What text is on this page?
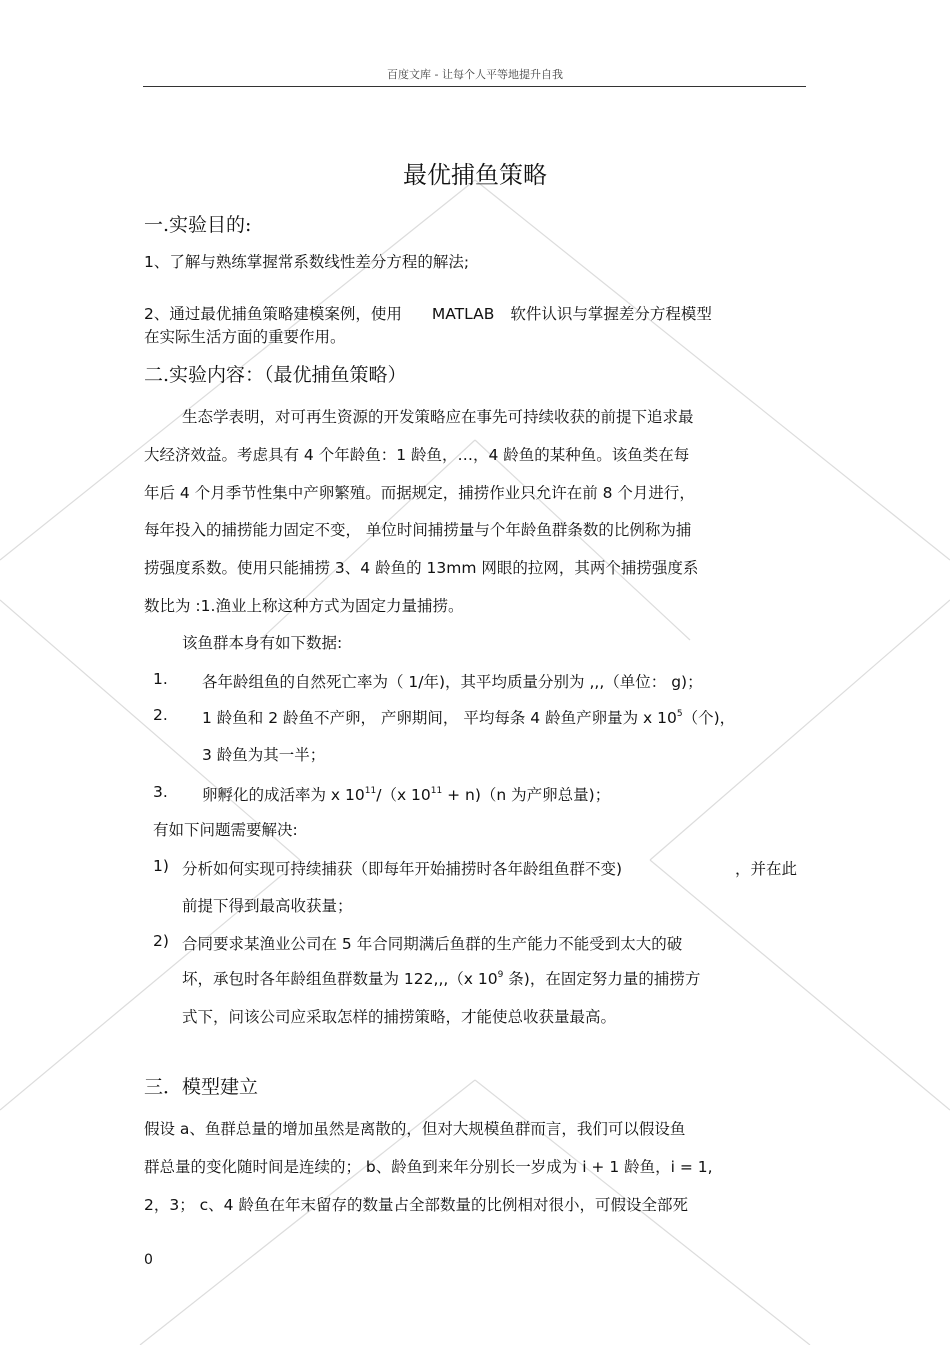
百度文库 - 让每个人平等地提升自我
最优捕鱼策略
一.实验目的:
1、了解与熟练掌握常系数线性差分方程的解法;
2、通过最优捕鱼策略建模案例，使用 MATLAB 软件认识与掌握差分方程模型
在实际生活方面的重要作用。
二.实验内容：（最优捕鱼策略）
生态学表明，对可再生资源的开发策略应在事先可持续收获的前提下追求最
大经济效益。考虑具有 4 个年龄鱼：1 龄鱼，…，4 龄鱼的某种鱼。该鱼类在每
年后 4 个月季节性集中产卵繁殖。而据规定，捕捞作业只允许在前 8 个月进行，
每年投入的捕捞能力固定不变， 单位时间捕捞量与个年龄鱼群条数的比例称为捕
捞强度系数。使用只能捕捞 3、4 龄鱼的 13mm 网眼的拉网，其两个捕捞强度系
数比为 :1.渔业上称这种方式为固定力量捕捞。
该鱼群本身有如下数据:
1. 各年龄组鱼的自然死亡率为（ 1/年)，其平均质量分别为 ,,,（单位： g)；
2. 1 龄鱼和 2 龄鱼不产卵， 产卵期间， 平均每条 4 龄鱼产卵量为 x $10^5$（个)，
3 龄鱼为其一半；
3. 卵孵化的成活率为 x $10^{11}/(x$ $10^{11} + n)(n$ 为产卵总量)；
有如下问题需要解决:
1) 分析如何实现可持续捕获（即每年开始捕捞时各年龄组鱼群不变)	，并在此
前提下得到最高收获量；
2) 合同要求某渔业公司在 5 年合同期满后鱼群的生产能力不能受到太大的破
坏，承包时各年龄组鱼群数量为 122,,,（x $10^9$ 条)，在固定努力量的捕捞方
式下，问该公司应采取怎样的捕捞策略，才能使总收获量最高。
三．模型建立
假设 a、鱼群总量的增加虽然是离散的，但对大规模鱼群而言，我们可以假设鱼
群总量的变化随时间是连续的； b、龄鱼到来年分别长一岁成为 i + 1 龄鱼，i = 1,
2，3； c、4 龄鱼在年末留存的数量占全部数量的比例相对很小，可假设全部死
0
